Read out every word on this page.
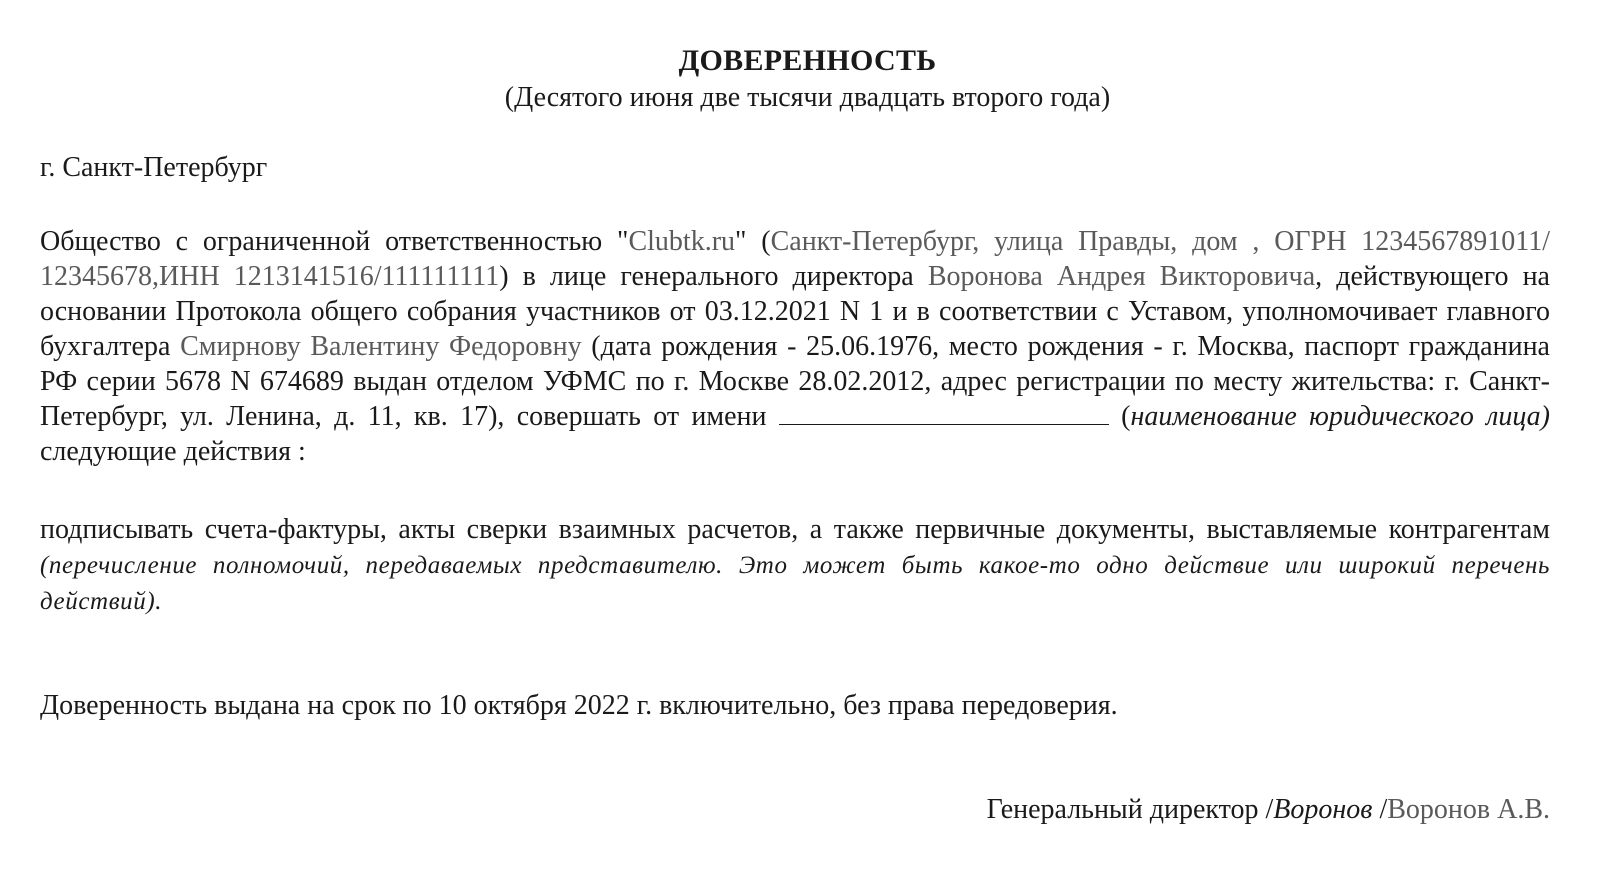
ДОВЕРЕННОСТЬ
(Десятого июня две тысячи двадцать второго года)
г. Санкт-Петербург
Общество с ограниченной ответственностью "Clubtk.ru" (Санкт-Петербург, улица Правды, дом , ОГРН 1234567891011/ 12345678,ИНН 1213141516/111111111) в лице генерального директора Воронова Андрея Викторовича, действующего на основании Протокола общего собрания участников от 03.12.2021 N 1 и в соответствии с Уставом, уполномочивает главного бухгалтера Смирнову Валентину Федоровну (дата рождения - 25.06.1976, место рождения - г. Москва, паспорт гражданина РФ серии 5678 N 674689 выдан отделом УФМС по г. Москве 28.02.2012, адрес регистрации по месту жительства: г. Санкт-Петербург, ул. Ленина, д. 11, кв. 17), совершать от имени	(наименование юридического лица) следующие действия :
подписывать счета-фактуры, акты сверки взаимных расчетов, а также первичные документы, выставляемые контрагентам (перечисление полномочий, передаваемых представителю. Это может быть какое-то одно действие или широкий перечень действий).
Доверенность выдана на срок по 10 октября 2022 г. включительно, без права передоверия.
Генеральный директор /Воронов /Воронов А.В.
